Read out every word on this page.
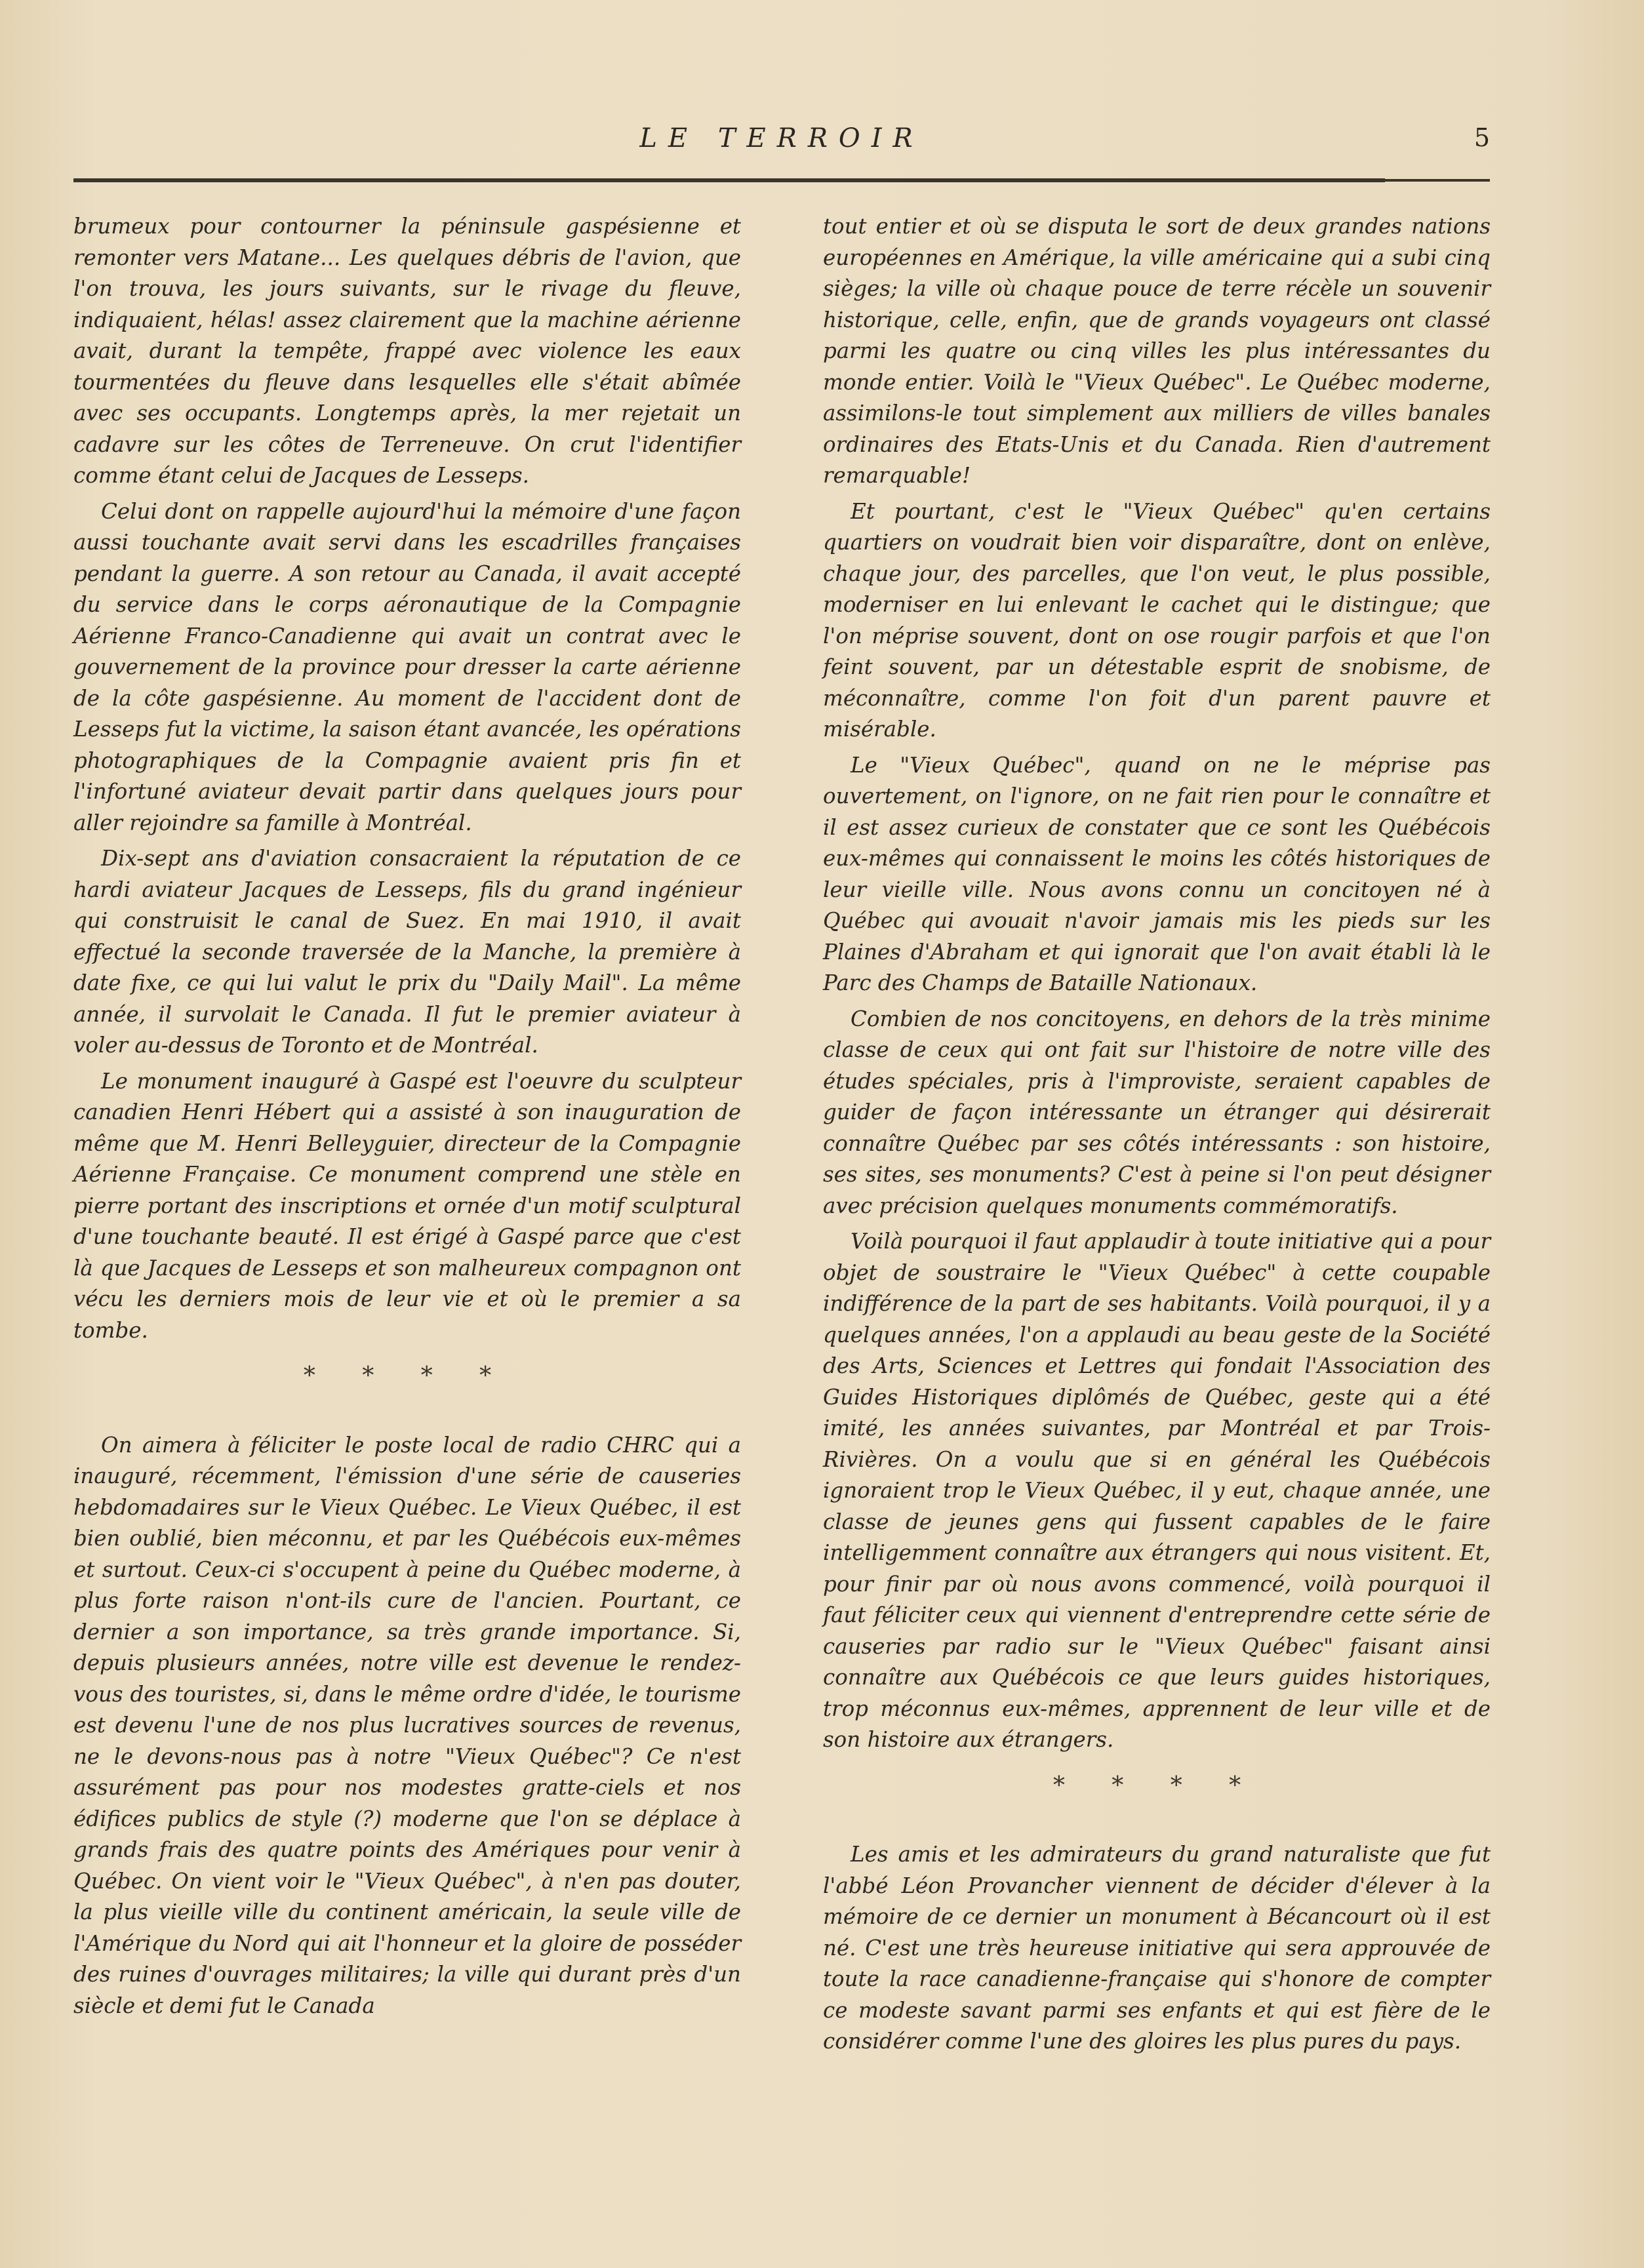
LE TERROIR	5

brumeux pour contourner la péninsule gaspésienne et remonter vers Matane... Les quelques débris de l'avion, que l'on trouva, les jours suivants, sur le rivage du fleuve, indiquaient, hélas! assez clairement que la machine aérienne avait, durant la tempête, frappé avec violence les eaux tourmentées du fleuve dans lesquelles elle s'était abîmée avec ses occupants. Longtemps après, la mer rejetait un cadavre sur les côtes de Terreneuve. On crut l'identifier comme étant celui de Jacques de Lesseps.

Celui dont on rappelle aujourd'hui la mémoire d'une façon aussi touchante avait servi dans les escadrilles françaises pendant la guerre. A son retour au Canada, il avait accepté du service dans le corps aéronautique de la Compagnie Aérienne Franco-Canadienne qui avait un contrat avec le gouvernement de la province pour dresser la carte aérienne de la côte gaspésienne. Au moment de l'accident dont de Lesseps fut la victime, la saison étant avancée, les opérations photographiques de la Compagnie avaient pris fin et l'infortuné aviateur devait partir dans quelques jours pour aller rejoindre sa famille à Montréal.

Dix-sept ans d'aviation consacraient la réputation de ce hardi aviateur Jacques de Lesseps, fils du grand ingénieur qui construisit le canal de Suez. En mai 1910, il avait effectué la seconde traversée de la Manche, la première à date fixe, ce qui lui valut le prix du "Daily Mail". La même année, il survolait le Canada. Il fut le premier aviateur à voler au-dessus de Toronto et de Montréal.

Le monument inauguré à Gaspé est l'oeuvre du sculpteur canadien Henri Hébert qui a assisté à son inauguration de même que M. Henri Belleyguier, directeur de la Compagnie Aérienne Française. Ce monument comprend une stèle en pierre portant des inscriptions et ornée d'un motif sculptural d'une touchante beauté. Il est érigé à Gaspé parce que c'est là que Jacques de Lesseps et son malheureux compagnon ont vécu les derniers mois de leur vie et où le premier a sa tombe.

* * * *

On aimera à féliciter le poste local de radio CHRC qui a inauguré, récemment, l'émission d'une série de causeries hebdomadaires sur le Vieux Québec. Le Vieux Québec, il est bien oublié, bien méconnu, et par les Québécois eux-mêmes et surtout. Ceux-ci s'occupent à peine du Québec moderne, à plus forte raison n'ont-ils cure de l'ancien. Pourtant, ce dernier a son importance, sa très grande importance. Si, depuis plusieurs années, notre ville est devenue le rendez-vous des touristes, si, dans le même ordre d'idée, le tourisme est devenu l'une de nos plus lucratives sources de revenus, ne le devons-nous pas à notre "Vieux Québec"? Ce n'est assurément pas pour nos modestes gratte-ciels et nos édifices publics de style (?) moderne que l'on se déplace à grands frais des quatre points des Amériques pour venir à Québec. On vient voir le "Vieux Québec", à n'en pas douter, la plus vieille ville du continent américain, la seule ville de l'Amérique du Nord qui ait l'honneur et la gloire de posséder des ruines d'ouvrages militaires; la ville qui durant près d'un siècle et demi fut le Canada

tout entier et où se disputa le sort de deux grandes nations européennes en Amérique, la ville américaine qui a subi cinq sièges; la ville où chaque pouce de terre récèle un souvenir historique, celle, enfin, que de grands voyageurs ont classé parmi les quatre ou cinq villes les plus intéressantes du monde entier. Voilà le "Vieux Québec". Le Québec moderne, assimilons-le tout simplement aux milliers de villes banales ordinaires des Etats-Unis et du Canada. Rien d'autrement remarquable!

Et pourtant, c'est le "Vieux Québec" qu'en certains quartiers on voudrait bien voir disparaître, dont on enlève, chaque jour, des parcelles, que l'on veut, le plus possible, moderniser en lui enlevant le cachet qui le distingue; que l'on méprise souvent, dont on ose rougir parfois et que l'on feint souvent, par un détestable esprit de snobisme, de méconnaître, comme l'on foit d'un parent pauvre et misérable.

Le "Vieux Québec", quand on ne le méprise pas ouvertement, on l'ignore, on ne fait rien pour le connaître et il est assez curieux de constater que ce sont les Québécois eux-mêmes qui connaissent le moins les côtés historiques de leur vieille ville. Nous avons connu un concitoyen né à Québec qui avouait n'avoir jamais mis les pieds sur les Plaines d'Abraham et qui ignorait que l'on avait établi là le Parc des Champs de Bataille Nationaux.

Combien de nos concitoyens, en dehors de la très minime classe de ceux qui ont fait sur l'histoire de notre ville des études spéciales, pris à l'improviste, seraient capables de guider de façon intéressante un étranger qui désirerait connaître Québec par ses côtés intéressants : son histoire, ses sites, ses monuments? C'est à peine si l'on peut désigner avec précision quelques monuments commémoratifs.

Voilà pourquoi il faut applaudir à toute initiative qui a pour objet de soustraire le "Vieux Québec" à cette coupable indifférence de la part de ses habitants. Voilà pourquoi, il y a quelques années, l'on a applaudi au beau geste de la Société des Arts, Sciences et Lettres qui fondait l'Association des Guides Historiques diplômés de Québec, geste qui a été imité, les années suivantes, par Montréal et par Trois-Rivières. On a voulu que si en général les Québécois ignoraient trop le Vieux Québec, il y eut, chaque année, une classe de jeunes gens qui fussent capables de le faire intelligemment connaître aux étrangers qui nous visitent. Et, pour finir par où nous avons commencé, voilà pourquoi il faut féliciter ceux qui viennent d'entreprendre cette série de causeries par radio sur le "Vieux Québec" faisant ainsi connaître aux Québécois ce que leurs guides historiques, trop méconnus eux-mêmes, apprennent de leur ville et de son histoire aux étrangers.

* * * *

Les amis et les admirateurs du grand naturaliste que fut l'abbé Léon Provancher viennent de décider d'élever à la mémoire de ce dernier un monument à Bécancourt où il est né. C'est une très heureuse initiative qui sera approuvée de toute la race canadienne-française qui s'honore de compter ce modeste savant parmi ses enfants et qui est fière de le considérer comme l'une des gloires les plus pures du pays.
